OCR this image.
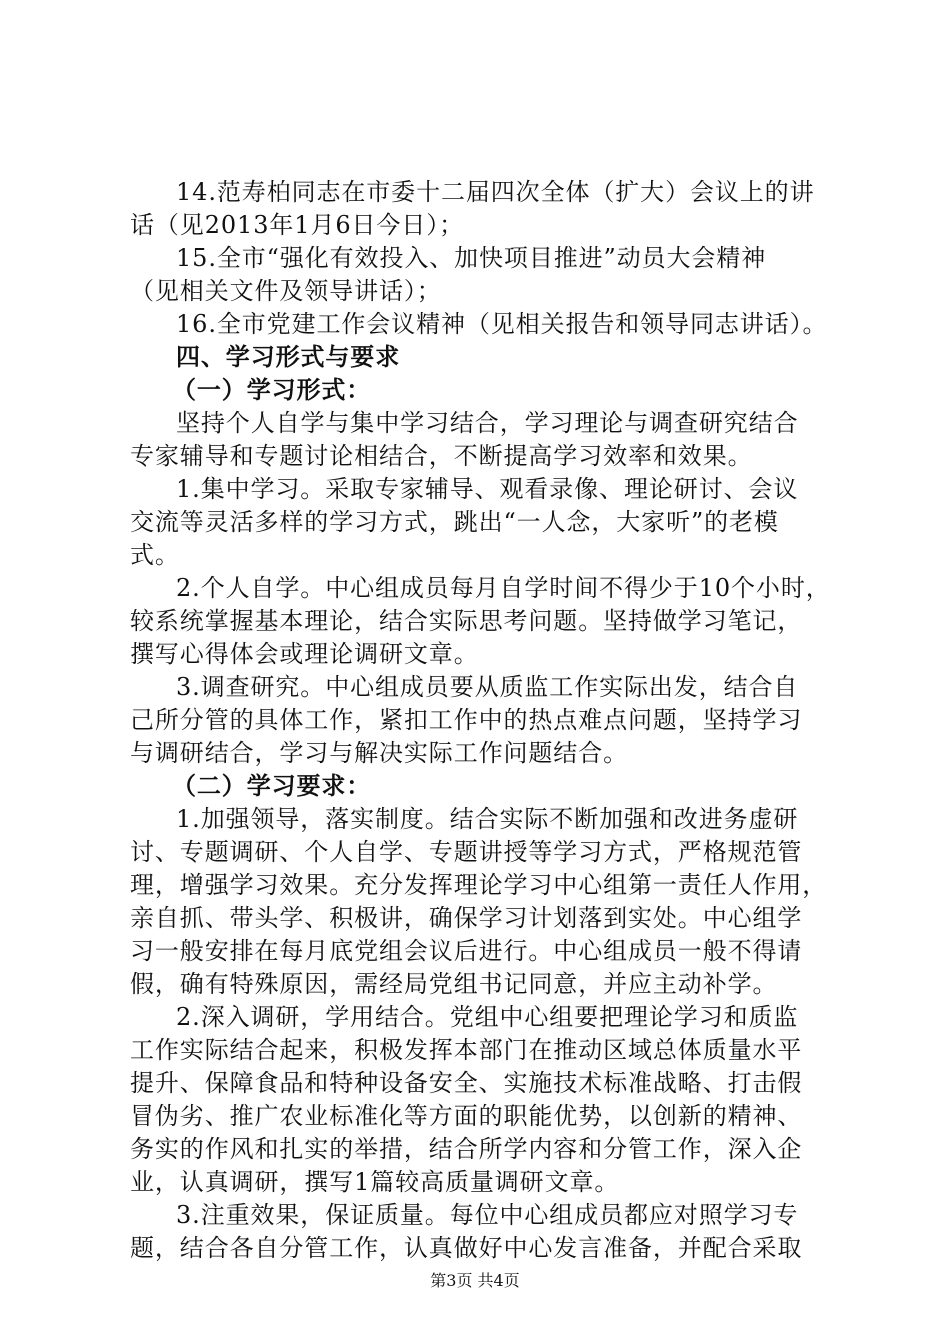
14.范寿柏同志在市委十二届四次全体（扩大）会议上的讲
话（见2013年1月6日今日）；
15.全市“强化有效投入、加快项目推进”动员大会精神
（见相关文件及领导讲话）；
16.全市党建工作会议精神（见相关报告和领导同志讲话）。
四、学习形式与要求
（一）学习形式：
坚持个人自学与集中学习结合，学习理论与调查研究结合
专家辅导和专题讨论相结合，不断提高学习效率和效果。
1.集中学习。采取专家辅导、观看录像、理论研讨、会议
交流等灵活多样的学习方式，跳出“一人念，大家听”的老模
式。
2.个人自学。中心组成员每月自学时间不得少于10个小时，
较系统掌握基本理论，结合实际思考问题。坚持做学习笔记，
撰写心得体会或理论调研文章。
3.调查研究。中心组成员要从质监工作实际出发，结合自
己所分管的具体工作，紧扣工作中的热点难点问题，坚持学习
与调研结合，学习与解决实际工作问题结合。
（二）学习要求：
1.加强领导，落实制度。结合实际不断加强和改进务虚研
讨、专题调研、个人自学、专题讲授等学习方式，严格规范管
理，增强学习效果。充分发挥理论学习中心组第一责任人作用，
亲自抓、带头学、积极讲，确保学习计划落到实处。中心组学
习一般安排在每月底党组会议后进行。中心组成员一般不得请
假，确有特殊原因，需经局党组书记同意，并应主动补学。
2.深入调研，学用结合。党组中心组要把理论学习和质监
工作实际结合起来，积极发挥本部门在推动区域总体质量水平
提升、保障食品和特种设备安全、实施技术标准战略、打击假
冒伪劣、推广农业标准化等方面的职能优势，以创新的精神、
务实的作风和扎实的举措，结合所学内容和分管工作，深入企
业，认真调研，撰写1篇较高质量调研文章。
3.注重效果，保证质量。每位中心组成员都应对照学习专
题，结合各自分管工作，认真做好中心发言准备，并配合采取
第3页 共4页
